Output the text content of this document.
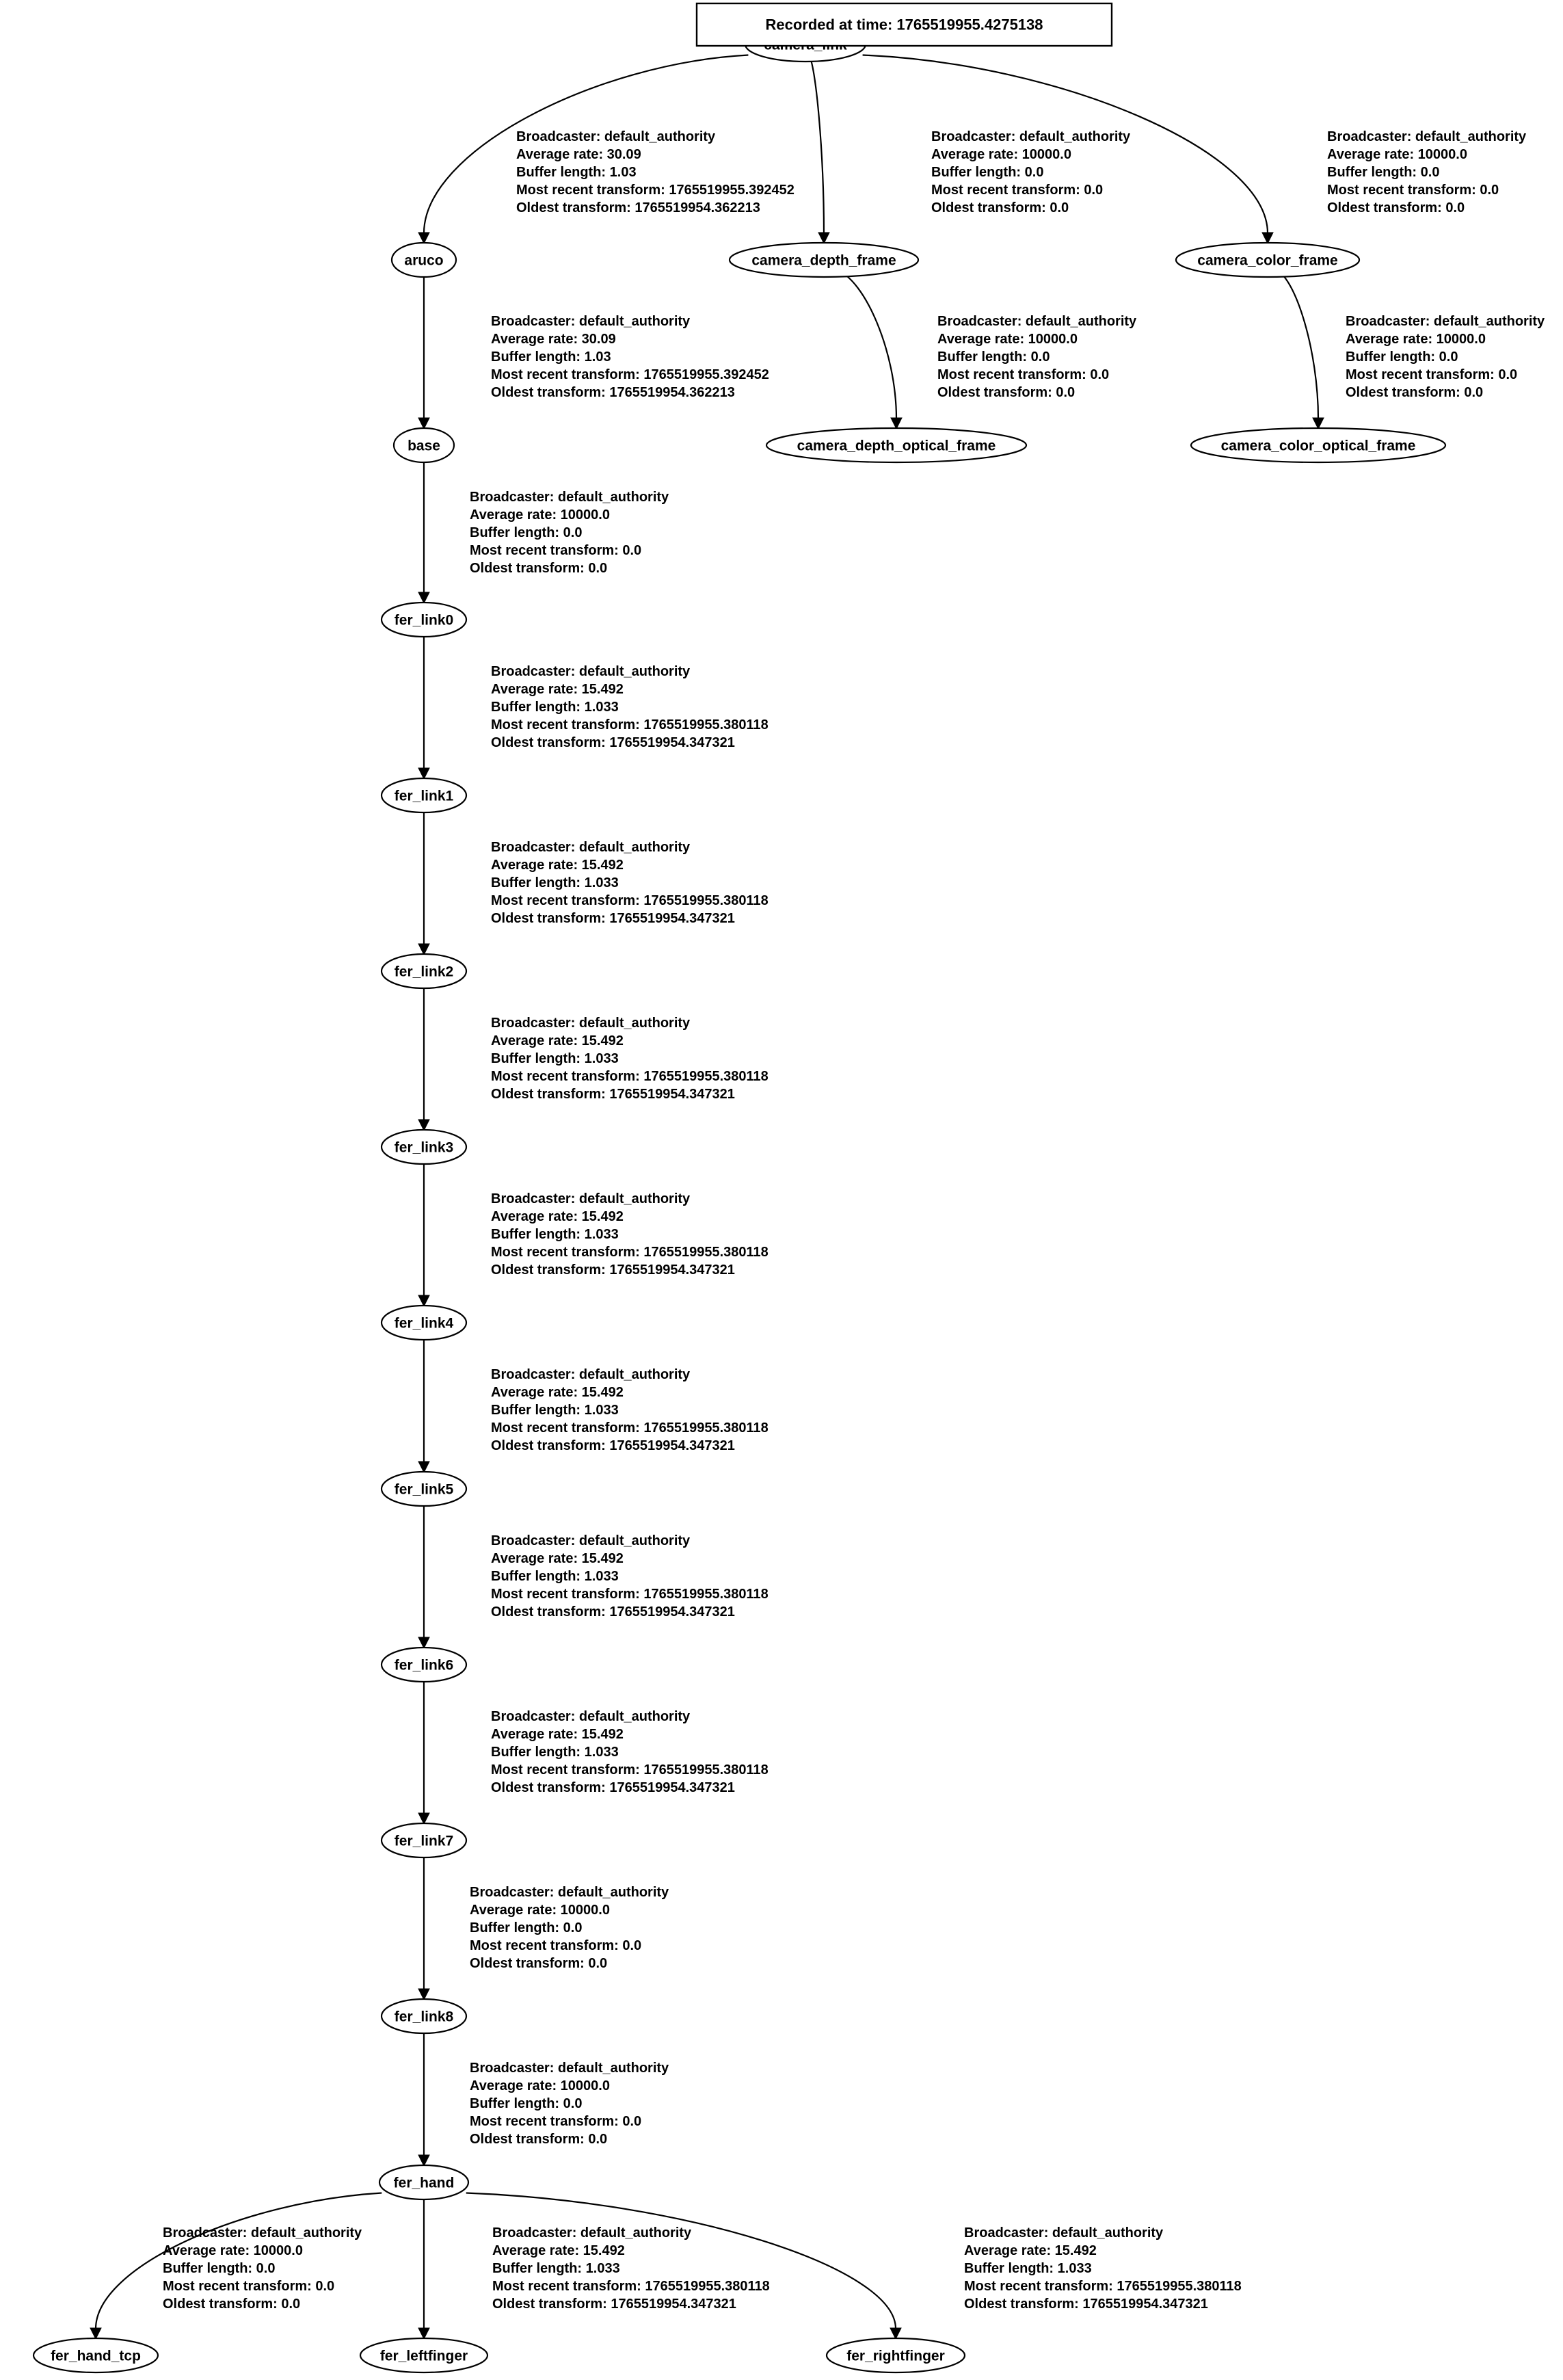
aruco	camera_depth_frame	camera_color_frame
camera_depth_optical_frame	camera_color_optical_frame
base
fer_link0
fer_link1
fer_link2
fer_link3
fer_link4
fer_link5
fer_link6
fer_link7
fer_link8
fer_hand
fer_hand_tcp	fer_leftfinger	fer_rightfinger
Recorded at time: 1765519955.4275138
Broadcaster: default_authority
Average rate: 30.09
Buffer length: 1.03
Most recent transform: 1765519955.392452
Oldest transform: 1765519954.362213
Broadcaster: default_authority
Average rate: 10000.0
Buffer length: 0.0
Most recent transform: 0.0
Oldest transform: 0.0
Broadcaster: default_authority
Average rate: 10000.0
Buffer length: 0.0
Most recent transform: 0.0
Oldest transform: 0.0
Broadcaster: default_authority
Average rate: 30.09
Buffer length: 1.03
Most recent transform: 1765519955.392452
Oldest transform: 1765519954.362213
Broadcaster: default_authority
Average rate: 10000.0
Buffer length: 0.0
Most recent transform: 0.0
Oldest transform: 0.0
Broadcaster: default_authority
Average rate: 10000.0
Buffer length: 0.0
Most recent transform: 0.0
Oldest transform: 0.0
Broadcaster: default_authority
Average rate: 10000.0
Buffer length: 0.0
Most recent transform: 0.0
Oldest transform: 0.0
Broadcaster: default_authority
Average rate: 15.492
Buffer length: 1.033
Most recent transform: 1765519955.380118
Oldest transform: 1765519954.347321
Broadcaster: default_authority
Average rate: 15.492
Buffer length: 1.033
Most recent transform: 1765519955.380118
Oldest transform: 1765519954.347321
Broadcaster: default_authority
Average rate: 15.492
Buffer length: 1.033
Most recent transform: 1765519955.380118
Oldest transform: 1765519954.347321
Broadcaster: default_authority
Average rate: 15.492
Buffer length: 1.033
Most recent transform: 1765519955.380118
Oldest transform: 1765519954.347321
Broadcaster: default_authority
Average rate: 15.492
Buffer length: 1.033
Most recent transform: 1765519955.380118
Oldest transform: 1765519954.347321
Broadcaster: default_authority
Average rate: 15.492
Buffer length: 1.033
Most recent transform: 1765519955.380118
Oldest transform: 1765519954.347321
Broadcaster: default_authority
Average rate: 15.492
Buffer length: 1.033
Most recent transform: 1765519955.380118
Oldest transform: 1765519954.347321
Broadcaster: default_authority
Average rate: 10000.0
Buffer length: 0.0
Most recent transform: 0.0
Oldest transform: 0.0
Broadcaster: default_authority
Average rate: 10000.0
Buffer length: 0.0
Most recent transform: 0.0
Oldest transform: 0.0
Broadcaster: default_authority
Average rate: 10000.0
Buffer length: 0.0
Most recent transform: 0.0
Oldest transform: 0.0
Broadcaster: default_authority
Average rate: 15.492
Buffer length: 1.033
Most recent transform: 1765519955.380118
Oldest transform: 1765519954.347321
Broadcaster: default_authority
Average rate: 15.492
Buffer length: 1.033
Most recent transform: 1765519955.380118
Oldest transform: 1765519954.347321
